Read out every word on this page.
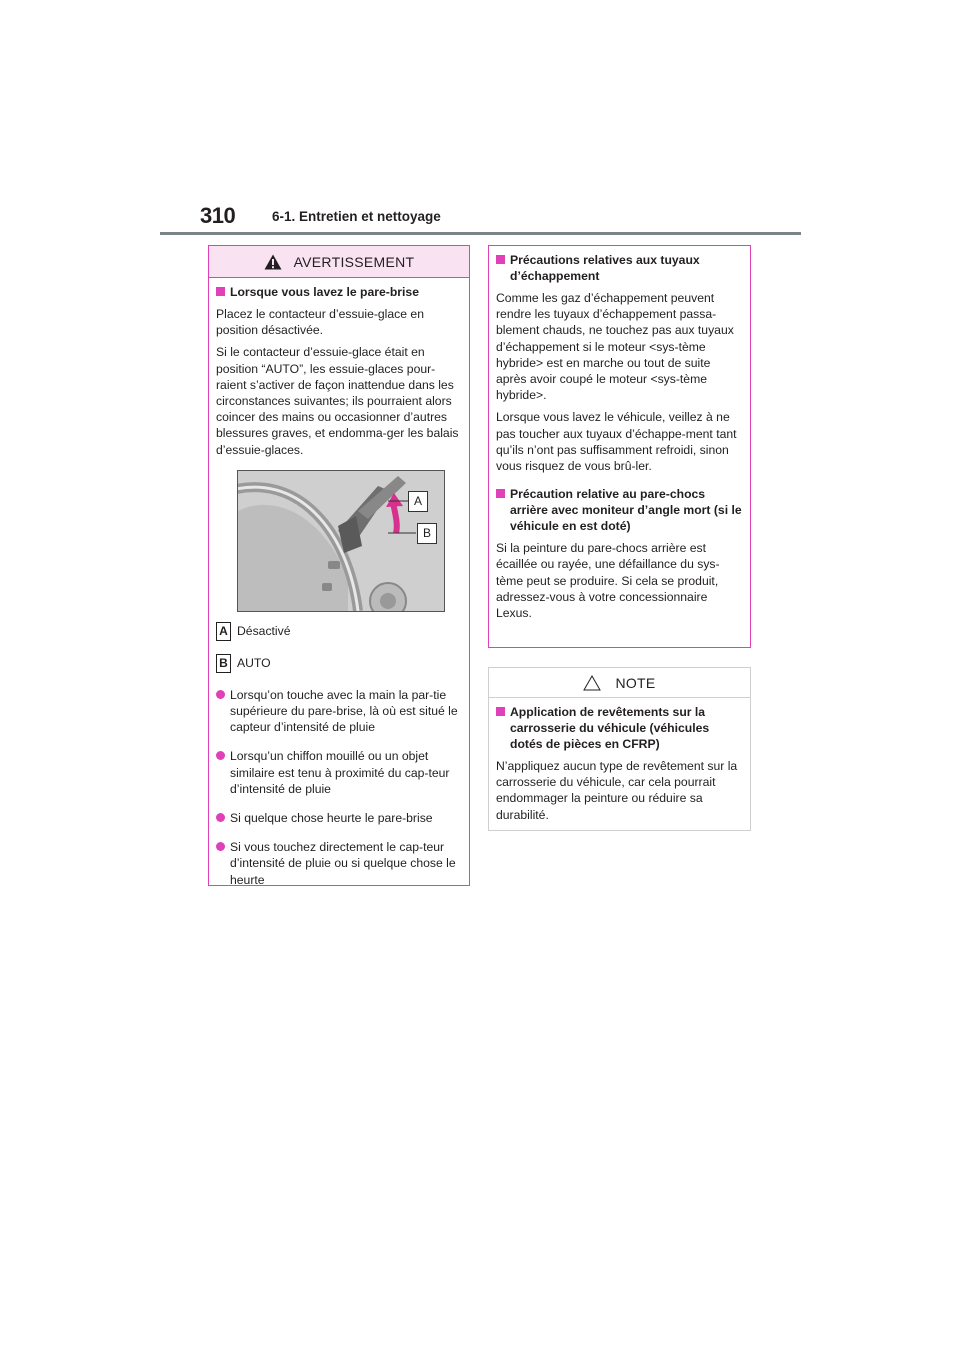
310	6-1. Entretien et nettoyage
AVERTISSEMENT
Lorsque vous lavez le pare-brise

Placez le contacteur d’essuie-glace en position désactivée.

Si le contacteur d’essuie-glace était en position “AUTO”, les essuie-glaces pour-raient s’activer de façon inattendue dans les circonstances suivantes; ils pourraient alors coincer des mains ou occasionner d’autres blessures graves, et endomma-ger les balais d’essuie-glaces.

A
B
A Désactivé
B AUTO
Lorsqu’on touche avec la main la par-tie supérieure du pare-brise, là où est situé le capteur d’intensité de pluie
Lorsqu’un chiffon mouillé ou un objet similaire est tenu à proximité du cap-teur d’intensité de pluie
Si quelque chose heurte le pare-brise
Si vous touchez directement le cap-teur d’intensité de pluie ou si quelque chose le heurte
Précautions relatives aux tuyaux d’échappement

Comme les gaz d’échappement peuvent rendre les tuyaux d’échappement passa-blement chauds, ne touchez pas aux tuyaux d’échappement si le moteur <sys-tème hybride> est en marche ou tout de suite après avoir coupé le moteur <sys-tème hybride>.

Lorsque vous lavez le véhicule, veillez à ne pas toucher aux tuyaux d’échappe-ment tant qu’ils n’ont pas suffisamment refroidi, sinon vous risquez de vous brû-ler.

Précaution relative au pare-chocs arrière avec moniteur d’angle mort (si le véhicule en est doté)

Si la peinture du pare-chocs arrière est écaillée ou rayée, une défaillance du sys-tème peut se produire. Si cela se produit, adressez-vous à votre concessionnaire Lexus.

NOTE
Application de revêtements sur la carrosserie du véhicule (véhicules dotés de pièces en CFRP)

N’appliquez aucun type de revêtement sur la carrosserie du véhicule, car cela pourrait endommager la peinture ou réduire sa durabilité.
